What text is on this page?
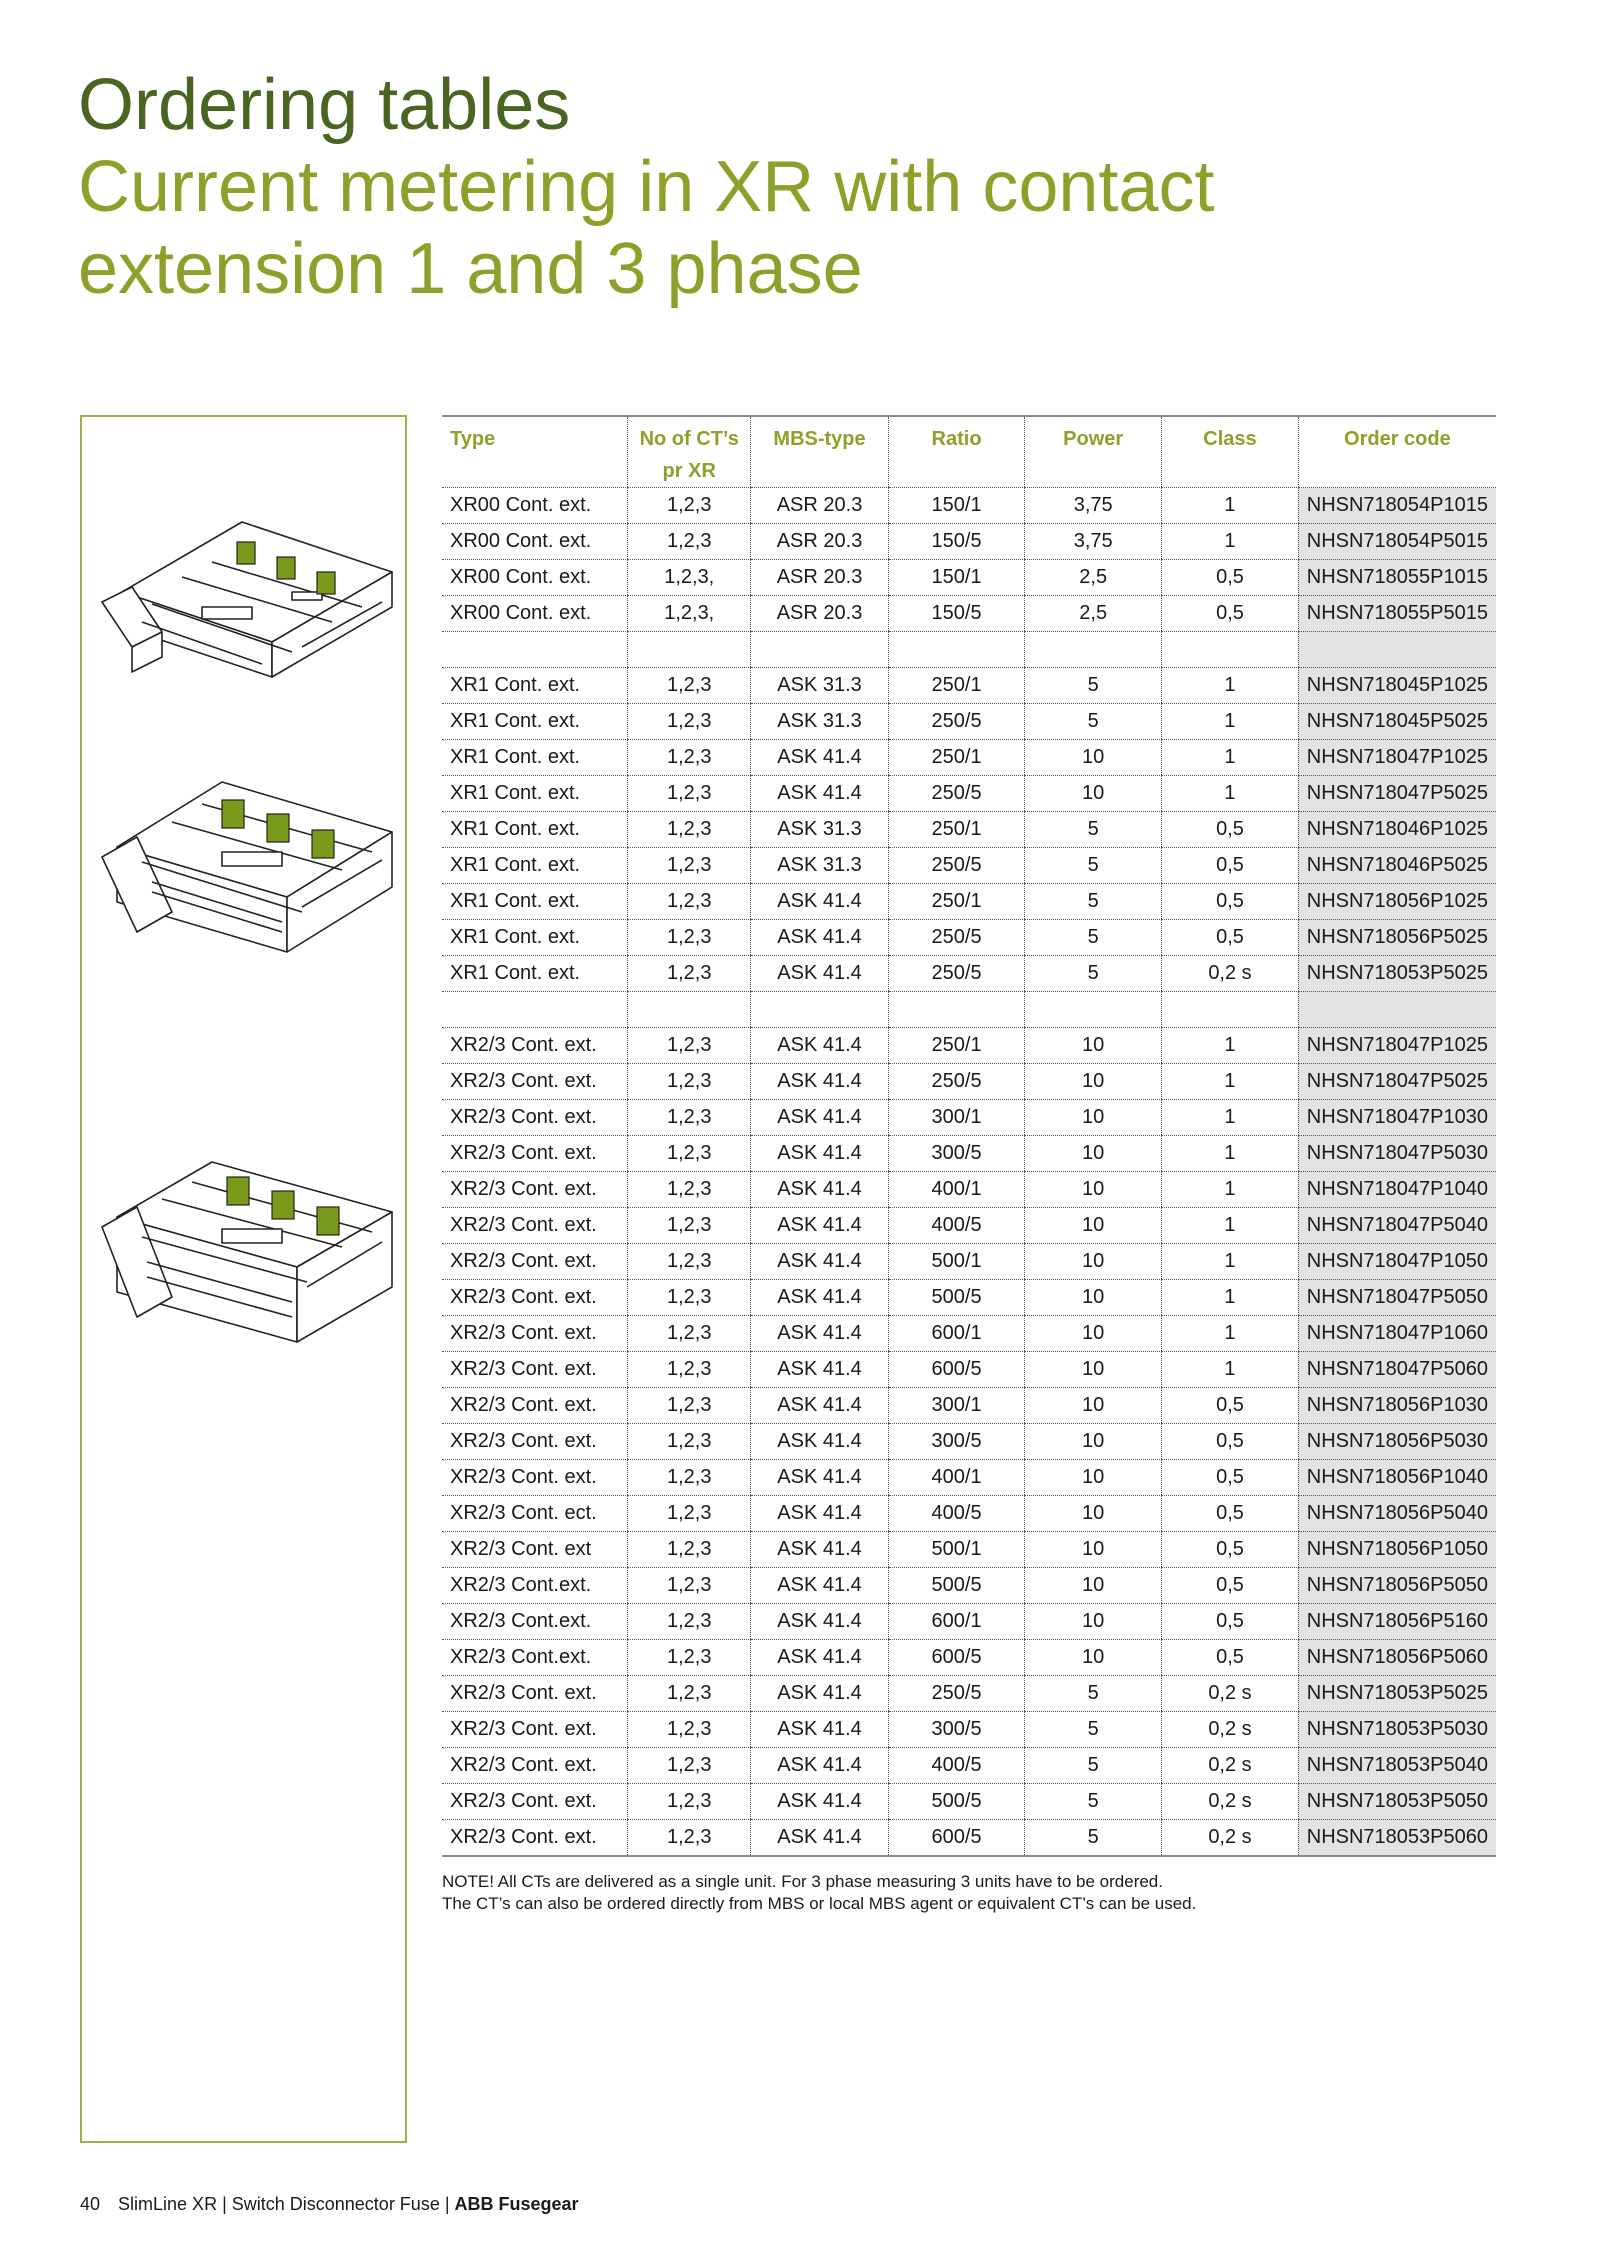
Ordering tables
Current metering in XR with contact
extension 1 and 3 phase
Type	No of CT’s pr XR	MBS-type	Ratio	Power	Class	Order code
XR00 Cont. ext.	1,2,3	ASR 20.3	150/1	3,75	1	NHSN718054P1015
XR00 Cont. ext.	1,2,3	ASR 20.3	150/5	3,75	1	NHSN718054P5015
XR00 Cont. ext.	1,2,3,	ASR 20.3	150/1	2,5	0,5	NHSN718055P1015
XR00 Cont. ext.	1,2,3,	ASR 20.3	150/5	2,5	0,5	NHSN718055P5015

XR1 Cont. ext.	1,2,3	ASK 31.3	250/1	5	1	NHSN718045P1025
XR1 Cont. ext.	1,2,3	ASK 31.3	250/5	5	1	NHSN718045P5025
XR1 Cont. ext.	1,2,3	ASK 41.4	250/1	10	1	NHSN718047P1025
XR1 Cont. ext.	1,2,3	ASK 41.4	250/5	10	1	NHSN718047P5025
XR1 Cont. ext.	1,2,3	ASK 31.3	250/1	5	0,5	NHSN718046P1025
XR1 Cont. ext.	1,2,3	ASK 31.3	250/5	5	0,5	NHSN718046P5025
XR1 Cont. ext.	1,2,3	ASK 41.4	250/1	5	0,5	NHSN718056P1025
XR1 Cont. ext.	1,2,3	ASK 41.4	250/5	5	0,5	NHSN718056P5025
XR1 Cont. ext.	1,2,3	ASK 41.4	250/5	5	0,2 s	NHSN718053P5025

XR2/3 Cont. ext.	1,2,3	ASK 41.4	250/1	10	1	NHSN718047P1025
XR2/3 Cont. ext.	1,2,3	ASK 41.4	250/5	10	1	NHSN718047P5025
XR2/3 Cont. ext.	1,2,3	ASK 41.4	300/1	10	1	NHSN718047P1030
XR2/3 Cont. ext.	1,2,3	ASK 41.4	300/5	10	1	NHSN718047P5030
XR2/3 Cont. ext.	1,2,3	ASK 41.4	400/1	10	1	NHSN718047P1040
XR2/3 Cont. ext.	1,2,3	ASK 41.4	400/5	10	1	NHSN718047P5040
XR2/3 Cont. ext.	1,2,3	ASK 41.4	500/1	10	1	NHSN718047P1050
XR2/3 Cont. ext.	1,2,3	ASK 41.4	500/5	10	1	NHSN718047P5050
XR2/3 Cont. ext.	1,2,3	ASK 41.4	600/1	10	1	NHSN718047P1060
XR2/3 Cont. ext.	1,2,3	ASK 41.4	600/5	10	1	NHSN718047P5060
XR2/3 Cont. ext.	1,2,3	ASK 41.4	300/1	10	0,5	NHSN718056P1030
XR2/3 Cont. ext.	1,2,3	ASK 41.4	300/5	10	0,5	NHSN718056P5030
XR2/3 Cont. ext.	1,2,3	ASK 41.4	400/1	10	0,5	NHSN718056P1040
XR2/3 Cont. ect.	1,2,3	ASK 41.4	400/5	10	0,5	NHSN718056P5040
XR2/3 Cont. ext	1,2,3	ASK 41.4	500/1	10	0,5	NHSN718056P1050
XR2/3 Cont.ext.	1,2,3	ASK 41.4	500/5	10	0,5	NHSN718056P5050
XR2/3 Cont.ext.	1,2,3	ASK 41.4	600/1	10	0,5	NHSN718056P5160
XR2/3 Cont.ext.	1,2,3	ASK 41.4	600/5	10	0,5	NHSN718056P5060
XR2/3 Cont. ext.	1,2,3	ASK 41.4	250/5	5	0,2 s	NHSN718053P5025
XR2/3 Cont. ext.	1,2,3	ASK 41.4	300/5	5	0,2 s	NHSN718053P5030
XR2/3 Cont. ext.	1,2,3	ASK 41.4	400/5	5	0,2 s	NHSN718053P5040
XR2/3 Cont. ext.	1,2,3	ASK 41.4	500/5	5	0,2 s	NHSN718053P5050
XR2/3 Cont. ext.	1,2,3	ASK 41.4	600/5	5	0,2 s	NHSN718053P5060

NOTE! All CTs are delivered as a single unit. For 3 phase measuring 3 units have to be ordered.

The CT’s can also be ordered directly from MBS or local MBS agent or equivalent CT’s can be used.

40 SlimLine XR | Switch Disconnector Fuse | ABB Fusegear
